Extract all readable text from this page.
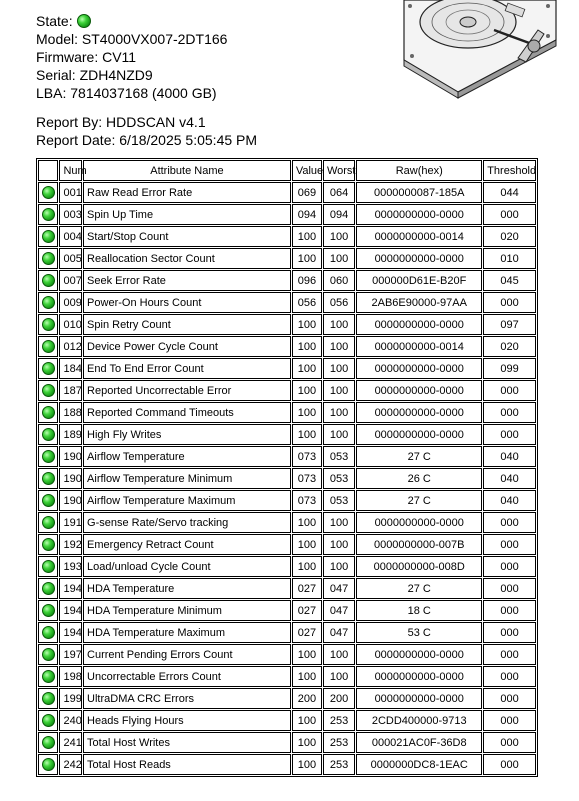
State:
Model: ST4000VX007-2DT166
Firmware: CV11
Serial: ZDH4NZD9
LBA: 7814037168 (4000 GB)
Report By: HDDSCAN v4.1
Report Date: 6/18/2025 5:05:45 PM
	Num	Attribute Name	Value	Worst	Raw(hex)	Threshold
	001	Raw Read Error Rate	069	064	0000000087-185A	044
	003	Spin Up Time	094	094	0000000000-0000	000
	004	Start/Stop Count	100	100	0000000000-0014	020
	005	Reallocation Sector Count	100	100	0000000000-0000	010
	007	Seek Error Rate	096	060	000000D61E-B20F	045
	009	Power-On Hours Count	056	056	2AB6E90000-97AA	000
	010	Spin Retry Count	100	100	0000000000-0000	097
	012	Device Power Cycle Count	100	100	0000000000-0014	020
	184	End To End Error Count	100	100	0000000000-0000	099
	187	Reported Uncorrectable Error	100	100	0000000000-0000	000
	188	Reported Command Timeouts	100	100	0000000000-0000	000
	189	High Fly Writes	100	100	0000000000-0000	000
	190	Airflow Temperature	073	053	27 C	040
	190	Airflow Temperature Minimum	073	053	26 C	040
	190	Airflow Temperature Maximum	073	053	27 C	040
	191	G-sense Rate/Servo tracking	100	100	0000000000-0000	000
	192	Emergency Retract Count	100	100	0000000000-007B	000
	193	Load/unload Cycle Count	100	100	0000000000-008D	000
	194	HDA Temperature	027	047	27 C	000
	194	HDA Temperature Minimum	027	047	18 C	000
	194	HDA Temperature Maximum	027	047	53 C	000
	197	Current Pending Errors Count	100	100	0000000000-0000	000
	198	Uncorrectable Errors Count	100	100	0000000000-0000	000
	199	UltraDMA CRC Errors	200	200	0000000000-0000	000
	240	Heads Flying Hours	100	253	2CDD400000-9713	000
	241	Total Host Writes	100	253	000021AC0F-36D8	000
	242	Total Host Reads	100	253	0000000DC8-1EAC	000
